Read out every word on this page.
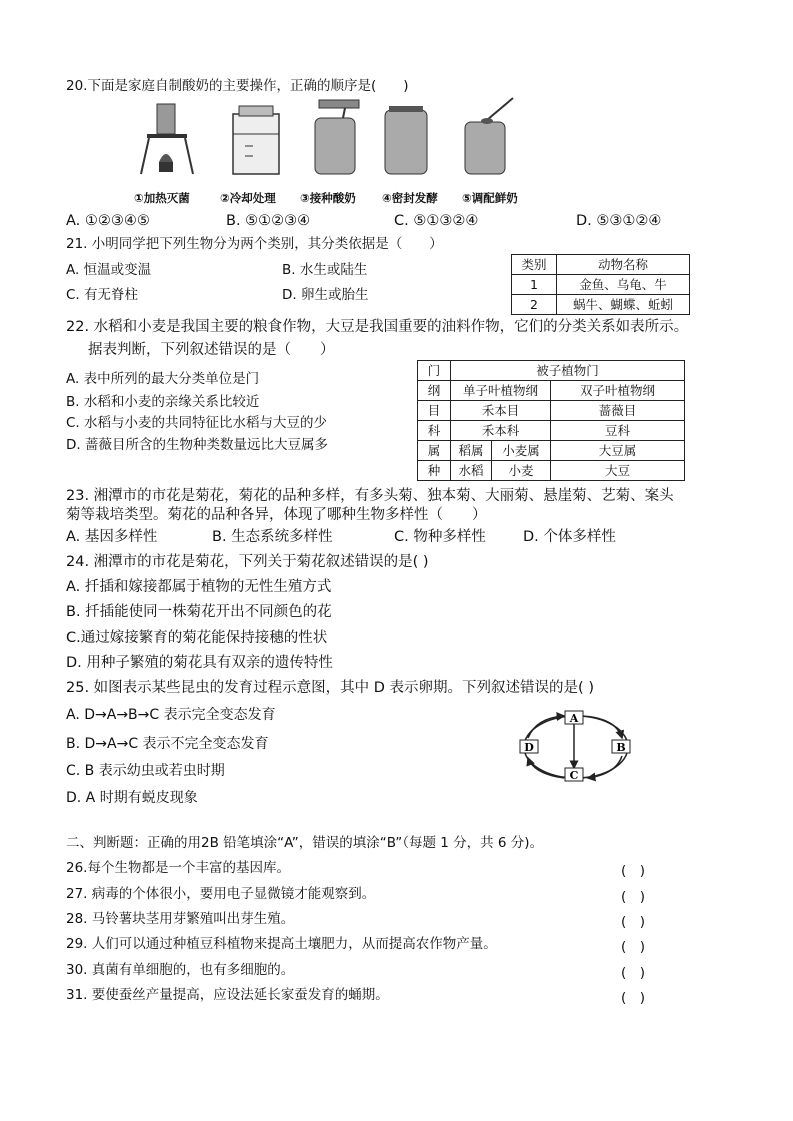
20.下面是家庭自制酸奶的主要操作，正确的顺序是(　　)
①加热灭菌	②冷却处理 ③接种酸奶 ④密封发酵 ⑤调配鲜奶
A. ①②③④⑤	B. ⑤①②③④	C. ⑤①③②④	D. ⑤③①②④
21. 小明同学把下列生物分为两个类别，其分类依据是（　　）
A. 恒温或变温	B. 水生或陆生
C. 有无脊柱	D. 卵生或胎生
类别	动物名称
1	金鱼、乌龟、牛
2	蜗牛、蝴蝶、蚯蚓
22. 水稻和小麦是我国主要的粮食作物，大豆是我国重要的油料作物，它们的分类关系如表所示。
据表判断，下列叙述错误的是（　　）
A. 表中所列的最大分类单位是门
B. 水稻和小麦的亲缘关系比较近
C. 水稻与小麦的共同特征比水稻与大豆的少
D. 蔷薇目所含的生物种类数量远比大豆属多
门	被子植物门		
纲	单子叶植物纲		双子叶植物纲
目	禾本目		蔷薇目
科	禾本科		豆科
属	稻属	小麦属	大豆属
种	水稻	小麦	大豆
23. 湘潭市的市花是菊花，菊花的品种多样，有多头菊、独本菊、大丽菊、悬崖菊、艺菊、案头
菊等栽培类型。菊花的品种各异，体现了哪种生物多样性（　　）
A. 基因多样性	B. 生态系统多样性	C. 物种多样性	D. 个体多样性
24. 湘潭市的市花是菊花，下列关于菊花叙述错误的是( )
A. 扦插和嫁接都属于植物的无性生殖方式
B. 扦插能使同一株菊花开出不同颜色的花
C.通过嫁接繁育的菊花能保持接穗的性状
D. 用种子繁殖的菊花具有双亲的遗传特性
25. 如图表示某些昆虫的发育过程示意图，其中 D 表示卵期。下列叙述错误的是( )
A. D→A→B→C 表示完全变态发育
B. D→A→C 表示不完全变态发育
C. B 表示幼虫或若虫时期
D. A 时期有蜕皮现象
A
B
C
D
二、判断题：正确的用2B 铅笔填涂“A”，错误的填涂“B”（每题 1 分，共 6 分)。
26.每个生物都是一个丰富的基因库。	(　)
27. 病毒的个体很小，要用电子显微镜才能观察到。	(　)
28. 马铃薯块茎用芽繁殖叫出芽生殖。	(　)
29. 人们可以通过种植豆科植物来提高土壤肥力，从而提高农作物产量。	(　)
30. 真菌有单细胞的，也有多细胞的。	(　)
31. 要使蚕丝产量提高，应设法延长家蚕发育的蛹期。	(　)
